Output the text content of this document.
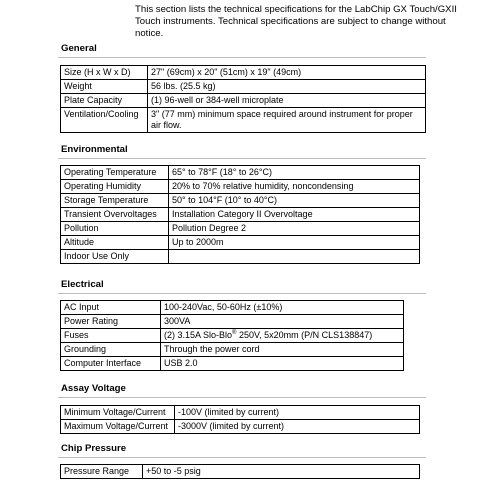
This section lists the technical specifications for the LabChip GX Touch/GXII Touch instruments. Technical specifications are subject to change without notice.
General
Size (H x W x D)	27" (69cm) x 20" (51cm) x 19" (49cm)
Weight	56 lbs. (25.5 kg)
Plate Capacity	(1) 96-well or 384-well microplate
Ventilation/Cooling	3" (77 mm) minimum space required around instrument for proper air flow.
Environmental
Operating Temperature	65° to 78°F (18° to 26°C)
Operating Humidity	20% to 70% relative humidity, noncondensing
Storage Temperature	50° to 104°F (10° to 40°C)
Transient Overvoltages	Installation Category II Overvoltage
Pollution	Pollution Degree 2
Altitude	Up to 2000m
Indoor Use Only	
Electrical
AC Input	100-240Vac, 50-60Hz (±10%)
Power Rating	300VA
Fuses	(2) 3.15A Slo-Blo® 250V, 5x20mm (P/N CLS138847)
Grounding	Through the power cord
Computer Interface	USB 2.0
Assay Voltage
Minimum Voltage/Current	-100V (limited by current)
Maximum Voltage/Current	-3000V (limited by current)
Chip Pressure
Pressure Range	+50 to -5 psig
